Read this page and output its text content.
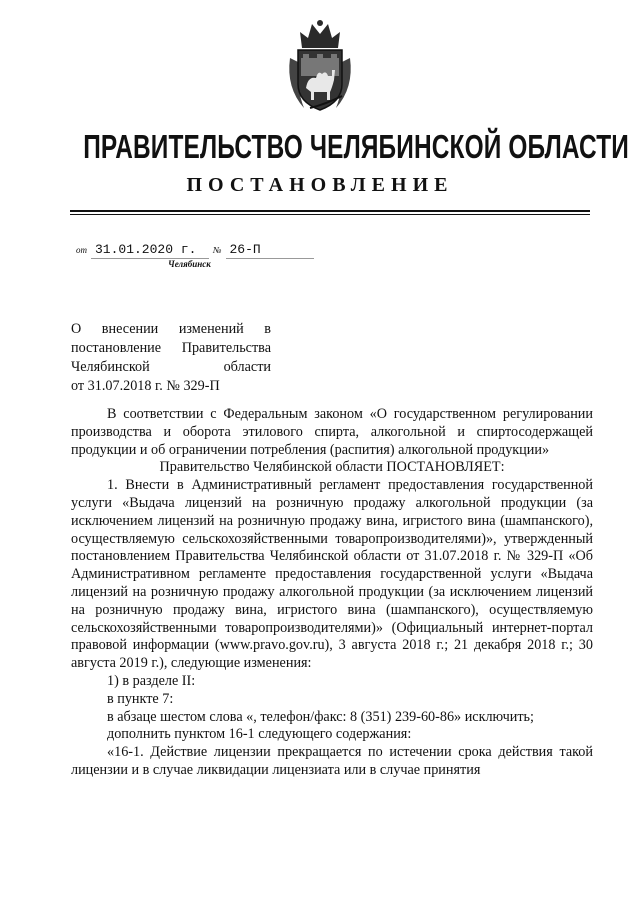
ПРАВИТЕЛЬСТВО ЧЕЛЯБИНСКОЙ ОБЛАСТИ
ПОСТАНОВЛЕНИЕ
от 31.01.2020 г. № 26-П
Челябинск
О внесении изменений в
постановление Правительства
Челябинской области
от 31.07.2018 г. № 329-П

В соответствии с Федеральным законом «О государственном регулировании производства и оборота этилового спирта, алкогольной и спиртосодержащей продукции и об ограничении потребления (распития) алкогольной продукции»

Правительство Челябинской области ПОСТАНОВЛЯЕТ:

1. Внести в Административный регламент предоставления государственной услуги «Выдача лицензий на розничную продажу алкогольной продукции (за исключением лицензий на розничную продажу вина, игристого вина (шампанского), осуществляемую сельскохозяйственными товаропроизводителями)», утвержденный постановлением Правительства Челябинской области от 31.07.2018 г. № 329-П «Об Административном регламенте предоставления государственной услуги «Выдача лицензий на розничную продажу алкогольной продукции (за исключением лицензий на розничную продажу вина, игристого вина (шампанского), осуществляемую сельскохозяйственными товаропроизводителями)» (Официальный интернет-портал правовой информации (www.pravo.gov.ru), 3 августа 2018 г.; 21 декабря 2018 г.; 30 августа 2019 г.), следующие изменения:

1) в разделе II:

в пункте 7:

в абзаце шестом слова «, телефон/факс: 8 (351) 239-60-86» исключить;

дополнить пунктом 16-1 следующего содержания:

«16-1. Действие лицензии прекращается по истечении срока действия такой лицензии и в случае ликвидации лицензиата или в случае принятия
